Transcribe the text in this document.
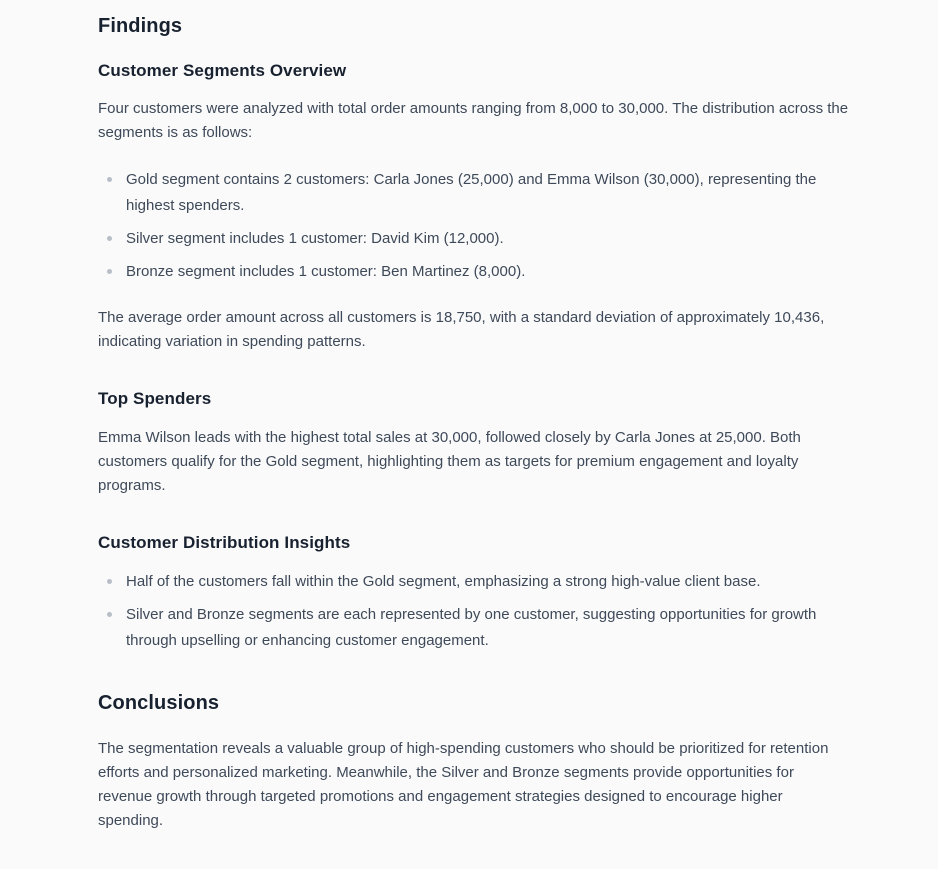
Findings
Customer Segments Overview

Four customers were analyzed with total order amounts ranging from 8,000 to 30,000. The distribution across the segments is as follows:

Gold segment contains 2 customers: Carla Jones (25,000) and Emma Wilson (30,000), representing the highest spenders.
Silver segment includes 1 customer: David Kim (12,000).
Bronze segment includes 1 customer: Ben Martinez (8,000).

The average order amount across all customers is 18,750, with a standard deviation of approximately 10,436, indicating variation in spending patterns.

Top Spenders

Emma Wilson leads with the highest total sales at 30,000, followed closely by Carla Jones at 25,000. Both customers qualify for the Gold segment, highlighting them as targets for premium engagement and loyalty programs.

Customer Distribution Insights
Half of the customers fall within the Gold segment, emphasizing a strong high-value client base.
Silver and Bronze segments are each represented by one customer, suggesting opportunities for growth through upselling or enhancing customer engagement.
Conclusions

The segmentation reveals a valuable group of high-spending customers who should be prioritized for retention efforts and personalized marketing. Meanwhile, the Silver and Bronze segments provide opportunities for revenue growth through targeted promotions and engagement strategies designed to encourage higher spending.
